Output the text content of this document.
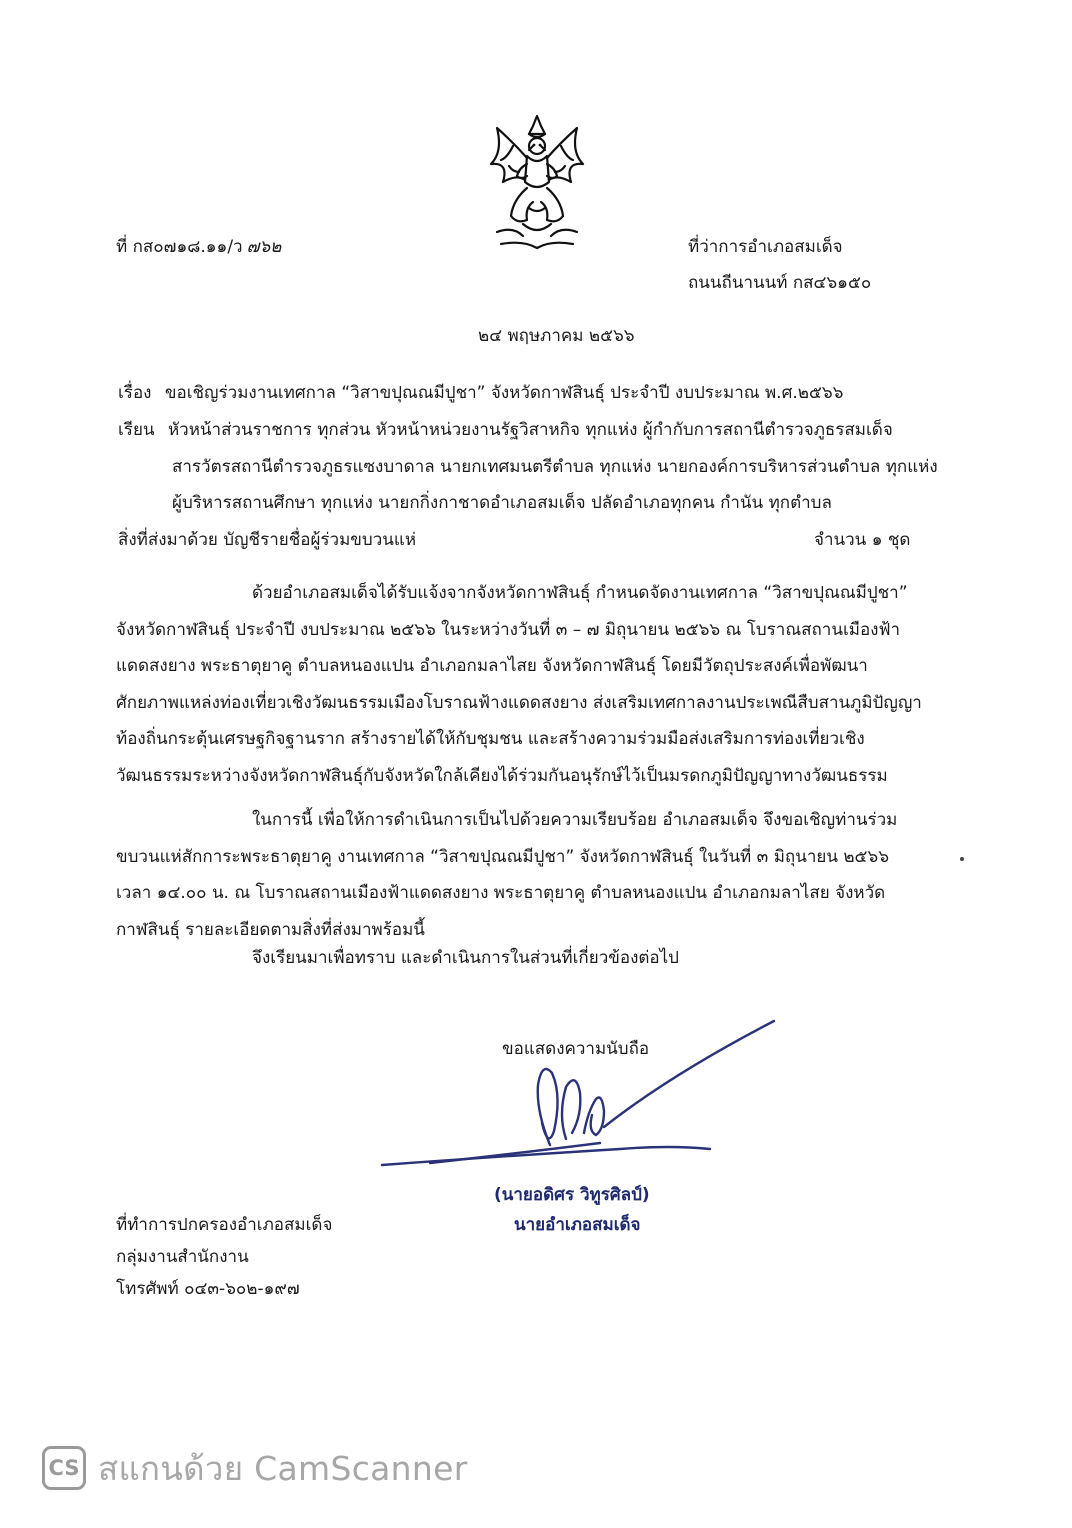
ที่ กส๐๗๑๘.๑๑/ว ๗๖๒	ที่ว่าการอำเภอสมเด็จ
ถนนถีนานนท์ กส๔๖๑๕๐
๒๔ พฤษภาคม ๒๕๖๖
เรื่อง ขอเชิญร่วมงานเทศกาล “วิสาขปุณณมีปูชา” จังหวัดกาฬสินธุ์ ประจำปี งบประมาณ พ.ศ.๒๕๖๖
เรียน หัวหน้าส่วนราชการ ทุกส่วน หัวหน้าหน่วยงานรัฐวิสาหกิจ ทุกแห่ง ผู้กำกับการสถานีตำรวจภูธรสมเด็จ
สารวัตรสถานีตำรวจภูธรแซงบาดาล นายกเทศมนตรีตำบล ทุกแห่ง นายกองค์การบริหารส่วนตำบล ทุกแห่ง
ผู้บริหารสถานศึกษา ทุกแห่ง นายกกิ่งกาชาดอำเภอสมเด็จ ปลัดอำเภอทุกคน กำนัน ทุกตำบล
สิ่งที่ส่งมาด้วย บัญชีรายชื่อผู้ร่วมขบวนแห่	จำนวน ๑ ชุด
ด้วยอำเภอสมเด็จได้รับแจ้งจากจังหวัดกาฬสินธุ์ กำหนดจัดงานเทศกาล “วิสาขปุณณมีปูชา”
จังหวัดกาฬสินธุ์ ประจำปี งบประมาณ ๒๕๖๖ ในระหว่างวันที่ ๓ – ๗ มิถุนายน ๒๕๖๖ ณ โบราณสถานเมืองฟ้า
แดดสงยาง พระธาตุยาคู ตำบลหนองแปน อำเภอกมลาไสย จังหวัดกาฬสินธุ์ โดยมีวัตถุประสงค์เพื่อพัฒนา
ศักยภาพแหล่งท่องเที่ยวเชิงวัฒนธรรมเมืองโบราณฟ้างแดดสงยาง ส่งเสริมเทศกาลงานประเพณีสืบสานภูมิปัญญา
ท้องถิ่นกระตุ้นเศรษฐกิจฐานราก สร้างรายได้ให้กับชุมชน และสร้างความร่วมมือส่งเสริมการท่องเที่ยวเชิง
วัฒนธรรมระหว่างจังหวัดกาฬสินธุ์กับจังหวัดใกล้เคียงได้ร่วมกันอนุรักษ์ไว้เป็นมรดกภูมิปัญญาทางวัฒนธรรม
ในการนี้ เพื่อให้การดำเนินการเป็นไปด้วยความเรียบร้อย อำเภอสมเด็จ จึงขอเชิญท่านร่วม
ขบวนแห่สักการะพระธาตุยาคู งานเทศกาล “วิสาขปุณณมีปูชา” จังหวัดกาฬสินธุ์ ในวันที่ ๓ มิถุนายน ๒๕๖๖
เวลา ๑๔.๐๐ น. ณ โบราณสถานเมืองฟ้าแดดสงยาง พระธาตุยาคู ตำบลหนองแปน อำเภอกมลาไสย จังหวัด
กาฬสินธุ์ รายละเอียดตามสิ่งที่ส่งมาพร้อมนี้
จึงเรียนมาเพื่อทราบ และดำเนินการในส่วนที่เกี่ยวข้องต่อไป
ขอแสดงความนับถือ
(นายอดิศร วิทูรศิลป์)
นายอำเภอสมเด็จ
ที่ทำการปกครองอำเภอสมเด็จ
กลุ่มงานสำนักงาน
โทรศัพท์ ๐๔๓-๖๐๒-๑๙๗
CS สแกนด้วย CamScanner
